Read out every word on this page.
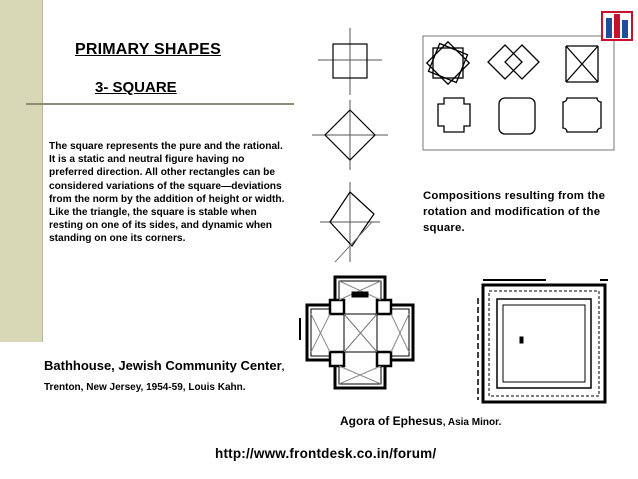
PRIMARY SHAPES
3- SQUARE
The square represents the pure and the rational. It is a static and neutral figure having no preferred direction. All other rectangles can be considered variations of the square—deviations from the norm by the addition of height or width. Like the triangle, the square is stable when resting on one of its sides, and dynamic when standing on one its corners.
Compositions resulting from the rotation and modification of the square.
Bathhouse, Jewish Community Center, Trenton, New Jersey, 1954-59, Louis Kahn.
Agora of Ephesus, Asia Minor.
http://www.frontdesk.co.in/forum/
